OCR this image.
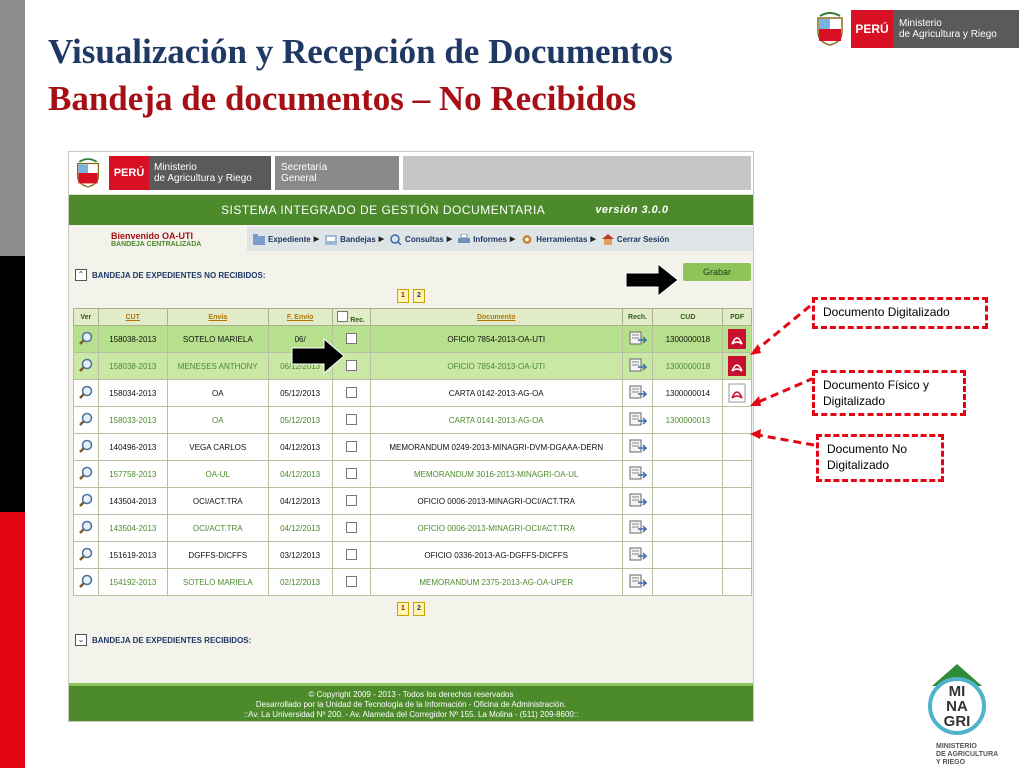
Visualización y Recepción de Documentos
Bandeja de documentos – No Recibidos
PERÚ	Ministerio
de Agricultura y Riego
PERÚ Ministerio
de Agricultura y Riego
Secretaría
General
SISTEMA INTEGRADO DE GESTIÓN DOCUMENTARIA	versión 3.0.0
Bienvenido OA-UTI
BANDEJA CENTRALIZADA
Expediente ▶	Bandejas ▶	Consultas ▶	Informes ▶	Herramientas ▶	Cerrar Sesión
⌃ BANDEJA DE EXPEDIENTES NO RECIBIDOS:	Grabar
1	2
Ver	CUT	Envía	F. Envío	Rec.	Documento	Rech.	CUD	PDF
	158038-2013	SOTELO MARIELA	06/		OFICIO 7854-2013-OA-UTI		1300000018	
	158038-2013	MENESES ANTHONY	06/12/2013		OFICIO 7854-2013-OA-UTI		1300000018	
	158034-2013	OA	05/12/2013		CARTA 0142-2013-AG-OA		1300000014	
	158033-2013	OA	05/12/2013		CARTA 0141-2013-AG-OA		1300000013	
	140496-2013	VEGA CARLOS	04/12/2013		MEMORANDUM 0249-2013-MINAGRI-DVM-DGAAA-DERN			
	157758-2013	OA-UL	04/12/2013		MEMORANDUM 3016-2013-MINAGRI-OA-UL			
	143504-2013	OCI/ACT.TRA	04/12/2013		OFICIO 0006-2013-MINAGRI-OCI/ACT.TRA			
	143504-2013	OCI/ACT.TRA	04/12/2013		OFICIO 0006-2013-MINAGRI-OCI/ACT.TRA			
	151619-2013	DGFFS-DICFFS	03/12/2013		OFICIO 0336-2013-AG-DGFFS-DICFFS			
	154192-2013	SOTELO MARIELA	02/12/2013		MEMORANDUM 2375-2013-AG-OA-UPER			
1	2
⌄ BANDEJA DE EXPEDIENTES RECIBIDOS:
© Copyright 2009 - 2013 - Todos los derechos reservados
Desarrollado por la Unidad de Tecnología de la Información - Oficina de Administración.
::Av. La Universidad Nº 200. - Av. Alameda del Corregidor Nº 155. La Molina - (511) 209-8600::
Documento Digitalizado
Documento Físico y Digitalizado
Documento No Digitalizado
MI
NA
GRI
MINISTERIO
DE AGRICULTURA
Y RIEGO
